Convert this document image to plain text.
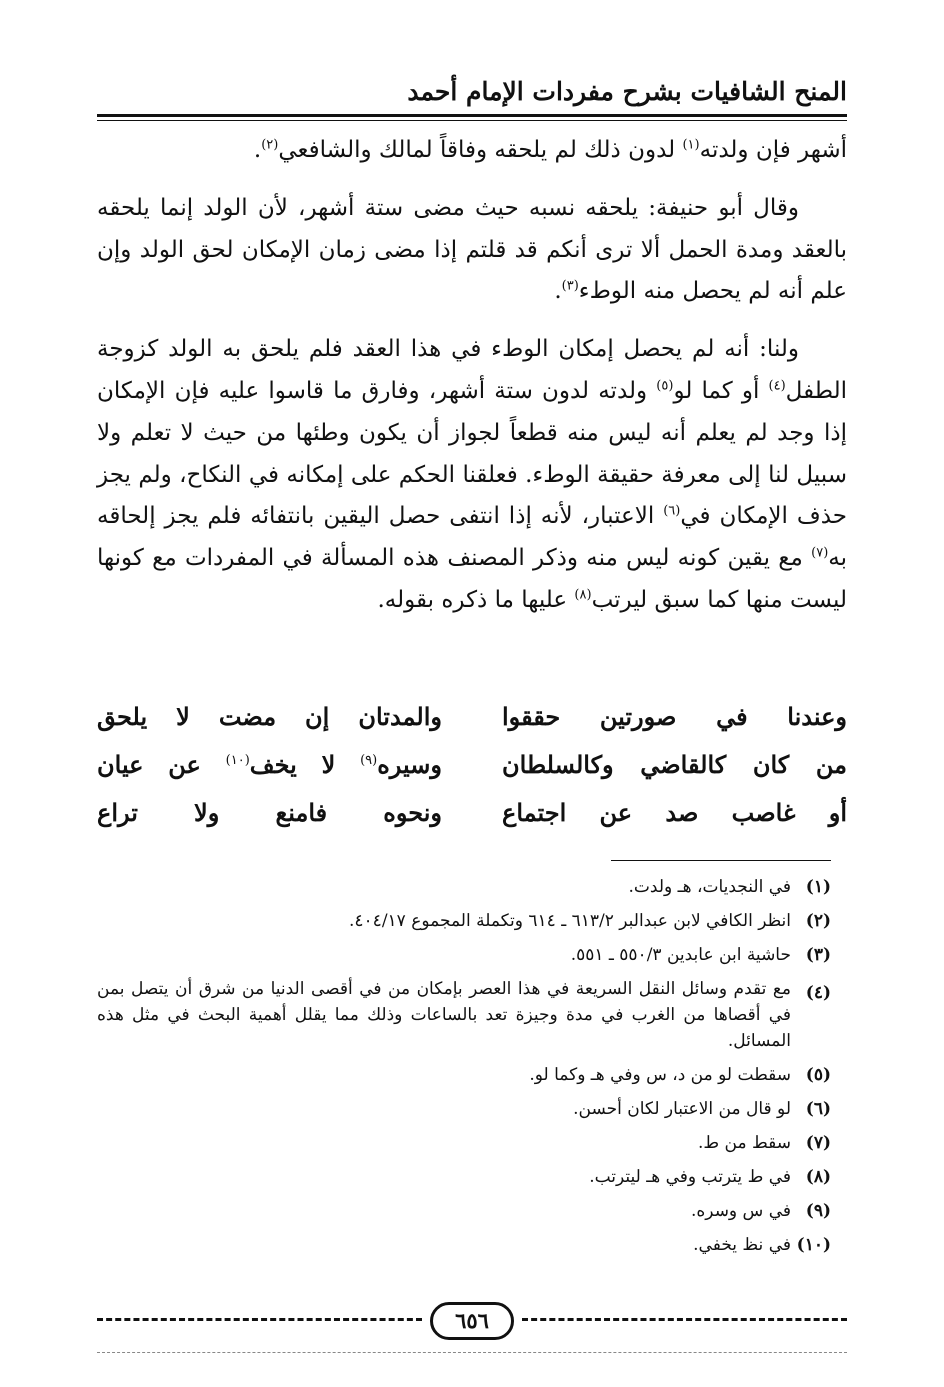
المنح الشافيات بشرح مفردات الإمام أحمد

أشهر فإن ولدته$^{(١)}$ لدون ذلك لم يلحقه وفاقاً لمالك والشافعي$^{(٢)}$.

وقال أبو حنيفة: يلحقه نسبه حيث مضى ستة أشهر، لأن الولد إنما يلحقه بالعقد ومدة الحمل ألا ترى أنكم قد قلتم إذا مضى زمان الإمكان لحق الولد وإن علم أنه لم يحصل منه الوطء$^{(٣)}$.

ولنا: أنه لم يحصل إمكان الوطء في هذا العقد فلم يلحق به الولد كزوجة الطفل$^{(٤)}$ أو كما لو$^{(٥)}$ ولدته لدون ستة أشهر، وفارق ما قاسوا عليه فإن الإمكان إذا وجد لم يعلم أنه ليس منه قطعاً لجواز أن يكون وطئها من حيث لا تعلم ولا سبيل لنا إلى معرفة حقيقة الوطء. فعلقنا الحكم على إمكانه في النكاح، ولم يجز حذف الإمكان في$^{(٦)}$ الاعتبار، لأنه إذا انتفى حصل اليقين بانتفائه فلم يجز إلحاقه به$^{(٧)}$ مع يقين كونه ليس منه وذكر المصنف هذه المسألة في المفردات مع كونها ليست منها كما سبق ليرتب$^{(٨)}$ عليها ما ذكره بقوله.

وعندنا في صورتين حققوا
والمدتان إن مضت لا يلحق
من كان كالقاضي وكالسلطان
وسيره$^{(٩)}$ لا يخف$^{(١٠)}$ عن عيان
أو غاصب صد عن اجتماع
ونحوه فامنع ولا تراع
(١)
في النجديات، هـ ولدت.
(٢)
انظر الكافي لابن عبدالبر ٦١٣/٢ ـ ٦١٤ وتكملة المجموع ٤٠٤/١٧.
(٣)
حاشية ابن عابدين ٥٥٠/٣ ـ ٥٥١.
(٤)
مع تقدم وسائل النقل السريعة في هذا العصر بإمكان من في أقصى الدنيا من شرق أن يتصل بمن في أقصاها من الغرب في مدة وجيزة تعد بالساعات وذلك مما يقلل أهمية البحث في مثل هذه المسائل.
(٥)
سقطت لو من د، س وفي هـ وكما لو.
(٦)
لو قال من الاعتبار لكان أحسن.
(٧)
سقط من ط.
(٨)
في ط يترتب وفي هـ ليترتب.
(٩)
في س وسره.
(١٠)
في نظ يخفي.
٦٥٦
